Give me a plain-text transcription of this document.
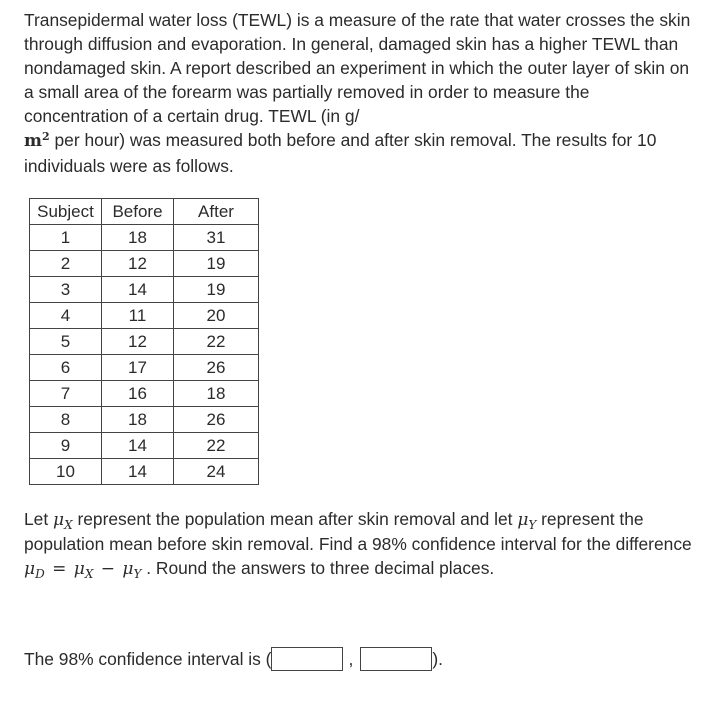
Transepidermal water loss (TEWL) is a measure of the rate that water crosses the skin through diffusion and evaporation. In general, damaged skin has a higher TEWL than nondamaged skin. A report described an experiment in which the outer layer of skin on a small area of the forearm was partially removed in order to measure the concentration of a certain drug. TEWL (in g/
$m^2$ per hour) was measured both before and after skin removal. The results for 10 individuals were as follows.
Subject	Before	After
1	18	31
2	12	19
3	14	19
4	11	20
5	12	22
6	17	26
7	16	18
8	18	26
9	14	22
10	14	24
Let $\mu_X$ represent the population mean after skin removal and let $\mu_Y$ represent the population mean before skin removal. Find a 98% confidence interval for the difference $\mu_D = \mu_X - \mu_Y$ . Round the answers to three decimal places.
The 98% confidence interval is (	,	).
